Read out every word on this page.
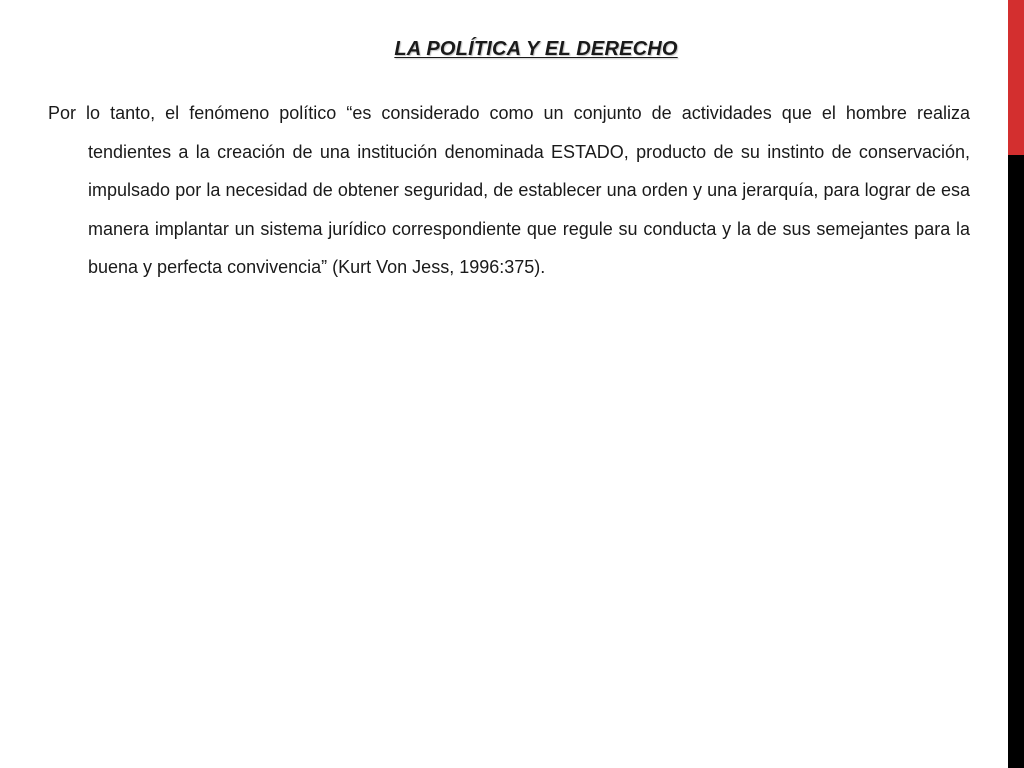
LA POLÍTICA Y EL DERECHO

Por lo tanto, el fenómeno político “es considerado como un conjunto de actividades que el hombre realiza tendientes a la creación de una institución denominada ESTADO, producto de su instinto de conservación, impulsado por la necesidad de obtener seguridad, de establecer una orden y una jerarquía, para lograr de esa manera implantar un sistema jurídico correspondiente que regule su conducta y la de sus semejantes para la buena y perfecta convivencia” (Kurt Von Jess, 1996:375).
